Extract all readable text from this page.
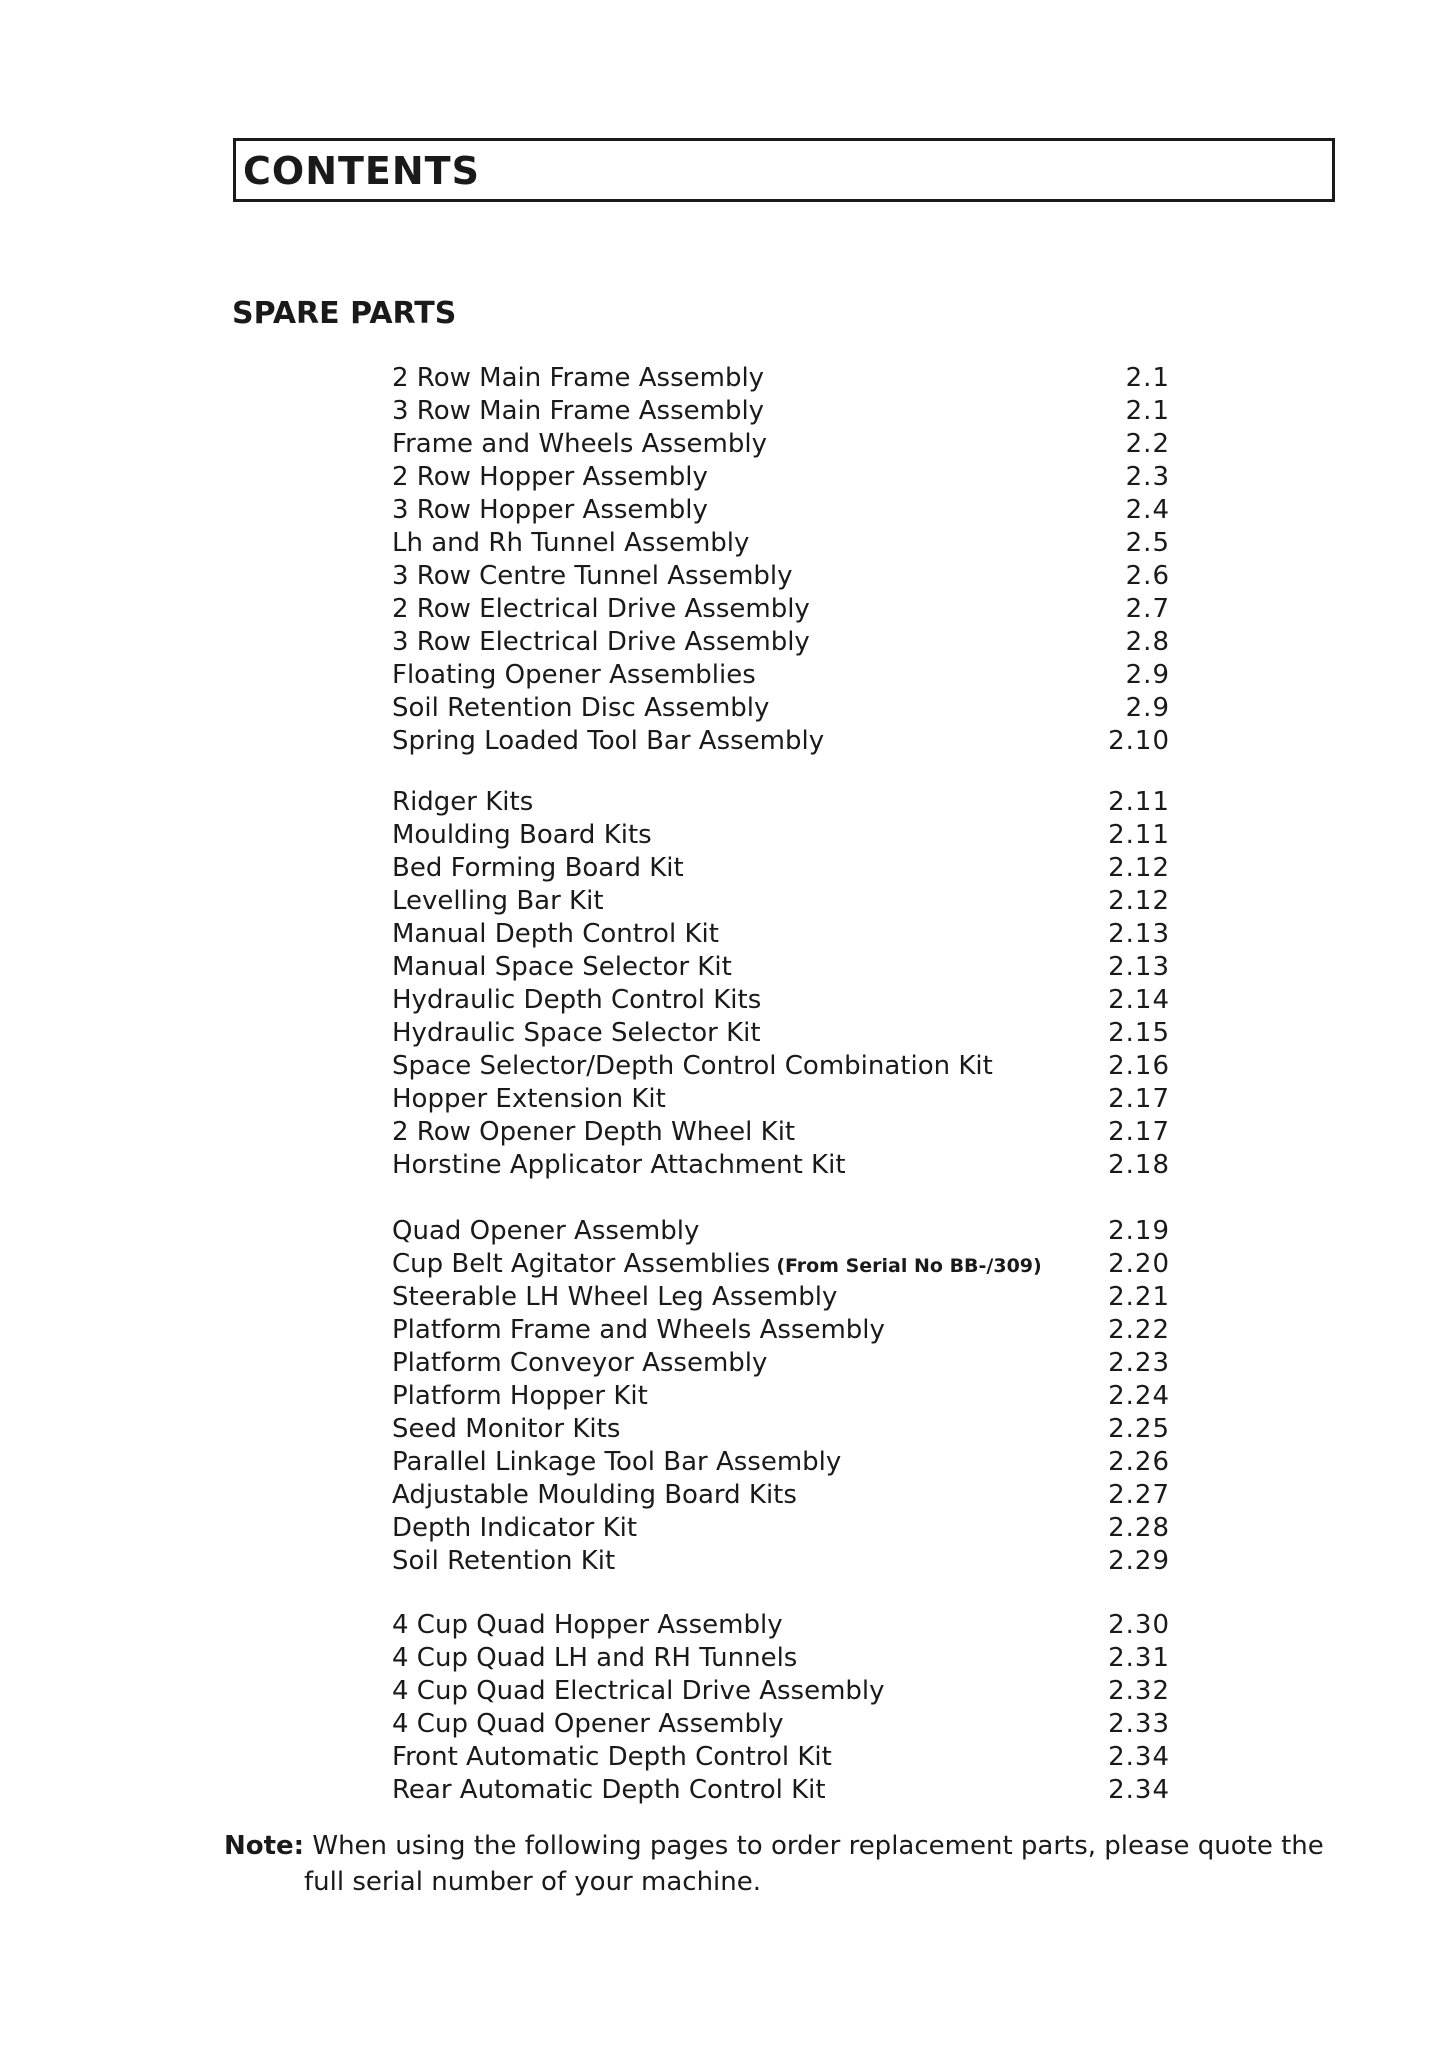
CONTENTS
SPARE PARTS
2 Row Main Frame Assembly	2.1
3 Row Main Frame Assembly	2.1
Frame and Wheels Assembly	2.2
2 Row Hopper Assembly	2.3
3 Row Hopper Assembly	2.4
Lh and Rh Tunnel Assembly	2.5
3 Row Centre Tunnel Assembly	2.6
2 Row Electrical Drive Assembly	2.7
3 Row Electrical Drive Assembly	2.8
Floating Opener Assemblies	2.9
Soil Retention Disc Assembly	2.9
Spring Loaded Tool Bar Assembly	2.10
Ridger Kits	2.11
Moulding Board Kits	2.11
Bed Forming Board Kit	2.12
Levelling Bar Kit	2.12
Manual Depth Control Kit	2.13
Manual Space Selector Kit	2.13
Hydraulic Depth Control Kits	2.14
Hydraulic Space Selector Kit	2.15
Space Selector/Depth Control Combination Kit	2.16
Hopper Extension Kit	2.17
2 Row Opener Depth Wheel Kit	2.17
Horstine Applicator Attachment Kit	2.18
Quad Opener Assembly	2.19
Cup Belt Agitator Assemblies (From Serial No BB-/309)	2.20
Steerable LH Wheel Leg Assembly	2.21
Platform Frame and Wheels Assembly	2.22
Platform Conveyor Assembly	2.23
Platform Hopper Kit	2.24
Seed Monitor Kits	2.25
Parallel Linkage Tool Bar Assembly	2.26
Adjustable Moulding Board Kits	2.27
Depth Indicator Kit	2.28
Soil Retention Kit	2.29
4 Cup Quad Hopper Assembly	2.30
4 Cup Quad LH and RH Tunnels	2.31
4 Cup Quad Electrical Drive Assembly	2.32
4 Cup Quad Opener Assembly	2.33
Front Automatic Depth Control Kit	2.34
Rear Automatic Depth Control Kit	2.34
Note: When using the following pages to order replacement parts, please quote the
full serial number of your machine.
